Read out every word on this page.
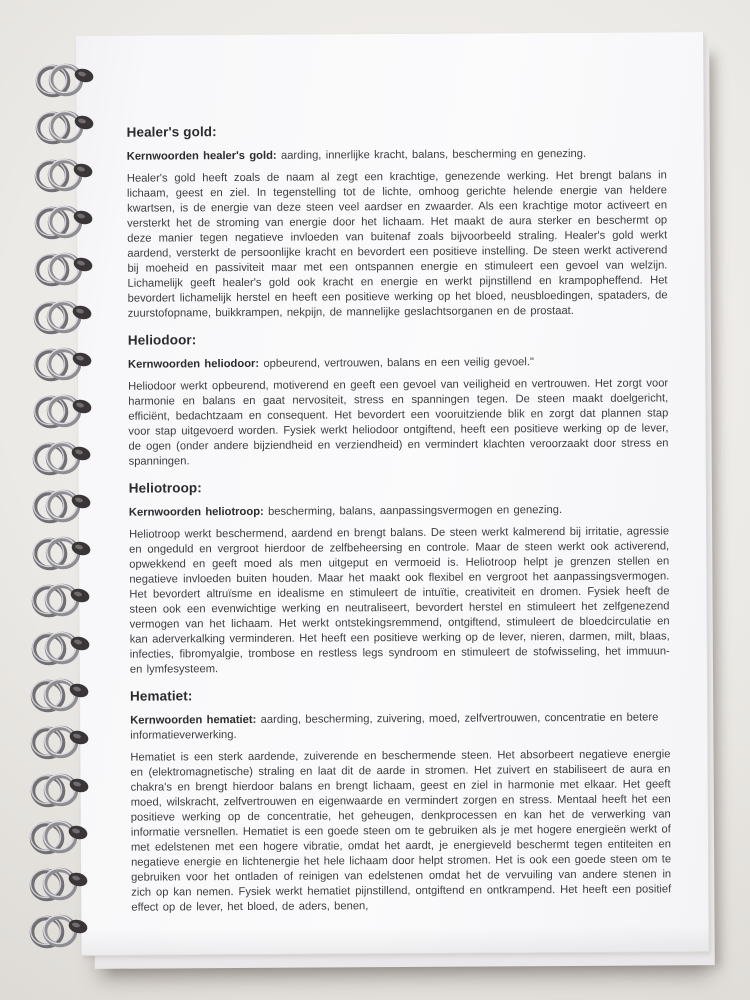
Healer's gold:

Kernwoorden healer's gold: aarding, innerlijke kracht, balans, bescherming en genezing.

Healer's gold heeft zoals de naam al zegt een krachtige, genezende werking. Het brengt balans in lichaam, geest en ziel. In tegenstelling tot de lichte, omhoog gerichte helende energie van heldere kwartsen, is de energie van deze steen veel aardser en zwaarder. Als een krachtige motor activeert en versterkt het de stroming van energie door het lichaam. Het maakt de aura sterker en beschermt op deze manier tegen negatieve invloeden van buitenaf zoals bijvoorbeeld straling. Healer's gold werkt aardend, versterkt de persoonlijke kracht en bevordert een positieve instelling. De steen werkt activerend bij moeheid en passiviteit maar met een ontspannen energie en stimuleert een gevoel van welzijn. Lichamelijk geeft healer's gold ook kracht en energie en werkt pijnstillend en krampopheffend. Het bevordert lichamelijk herstel en heeft een positieve werking op het bloed, neusbloedingen, spataders, de zuurstofopname, buikkrampen, nekpijn, de mannelijke geslachtsorganen en de prostaat.

Heliodoor:

Kernwoorden heliodoor: opbeurend, vertrouwen, balans en een veilig gevoel."

Heliodoor werkt opbeurend, motiverend en geeft een gevoel van veiligheid en vertrouwen. Het zorgt voor harmonie en balans en gaat nervositeit, stress en spanningen tegen. De steen maakt doelgericht, efficiënt, bedachtzaam en consequent. Het bevordert een vooruitziende blik en zorgt dat plannen stap voor stap uitgevoerd worden. Fysiek werkt heliodoor ontgiftend, heeft een positieve werking op de lever, de ogen (onder andere bijziendheid en verziendheid) en vermindert klachten veroorzaakt door stress en spanningen.

Heliotroop:

Kernwoorden heliotroop: bescherming, balans, aanpassingsvermogen en genezing.

Heliotroop werkt beschermend, aardend en brengt balans. De steen werkt kalmerend bij irritatie, agressie en ongeduld en vergroot hierdoor de zelfbeheersing en controle. Maar de steen werkt ook activerend, opwekkend en geeft moed als men uitgeput en vermoeid is. Heliotroop helpt je grenzen stellen en negatieve invloeden buiten houden. Maar het maakt ook flexibel en vergroot het aanpassingsvermogen. Het bevordert altruïsme en idealisme en stimuleert de intuïtie, creativiteit en dromen. Fysiek heeft de steen ook een evenwichtige werking en neutraliseert, bevordert herstel en stimuleert het zelfgenezend vermogen van het lichaam. Het werkt ontstekingsremmend, ontgiftend, stimuleert de bloedcirculatie en kan aderverkalking verminderen. Het heeft een positieve werking op de lever, nieren, darmen, milt, blaas, infecties, fibromyalgie, trombose en restless legs syndroom en stimuleert de stofwisseling, het immuun- en lymfesysteem.

Hematiet:

Kernwoorden hematiet: aarding, bescherming, zuivering, moed, zelfvertrouwen, concentratie en betere informatieverwerking.

Hematiet is een sterk aardende, zuiverende en beschermende steen. Het absorbeert negatieve energie en (elektromagnetische) straling en laat dit de aarde in stromen. Het zuivert en stabiliseert de aura en chakra's en brengt hierdoor balans en brengt lichaam, geest en ziel in harmonie met elkaar. Het geeft moed, wilskracht, zelfvertrouwen en eigenwaarde en vermindert zorgen en stress. Mentaal heeft het een positieve werking op de concentratie, het geheugen, denkprocessen en kan het de verwerking van informatie versnellen. Hematiet is een goede steen om te gebruiken als je met hogere energieën werkt of met edelstenen met een hogere vibratie, omdat het aardt, je energieveld beschermt tegen entiteiten en negatieve energie en lichtenergie het hele lichaam door helpt stromen. Het is ook een goede steen om te gebruiken voor het ontladen of reinigen van edelstenen omdat het de vervuiling van andere stenen in zich op kan nemen. Fysiek werkt hematiet pijnstillend, ontgiftend en ontkrampend. Het heeft een positief effect op de lever, het bloed, de aders, benen,
